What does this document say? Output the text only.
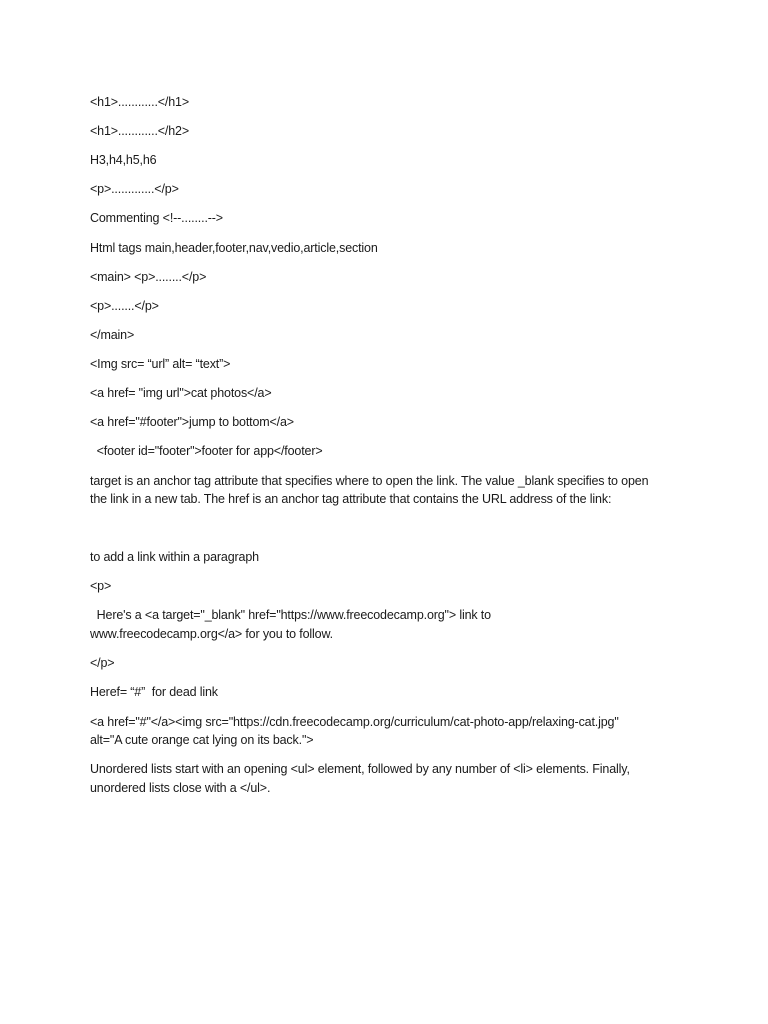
<h1>............</h1>

<h1>............</h2>

H3,h4,h5,h6

<p>.............</p>

Commenting <!--........-->

Html tags main,header,footer,nav,vedio,article,section

<main> <p>........</p>

<p>.......</p>

</main>

<Img src= “url” alt= “text”>

<a href= "img url">cat photos</a>

<a href="#footer">jump to bottom</a>

<footer id="footer">footer for app</footer>

target is an anchor tag attribute that specifies where to open the link. The value _blank specifies to open

the link in a new tab. The href is an anchor tag attribute that contains the URL address of the link:

to add a link within a paragraph

<p>

Here's a <a target="_blank" href="https://www.freecodecamp.org"> link to

www.freecodecamp.org</a> for you to follow.

</p>

Heref= “#”  for dead link

<a href="#"</a><img src="https://cdn.freecodecamp.org/curriculum/cat-photo-app/relaxing-cat.jpg"

alt="A cute orange cat lying on its back.">

Unordered lists start with an opening <ul> element, followed by any number of <li> elements. Finally,

unordered lists close with a </ul>.
